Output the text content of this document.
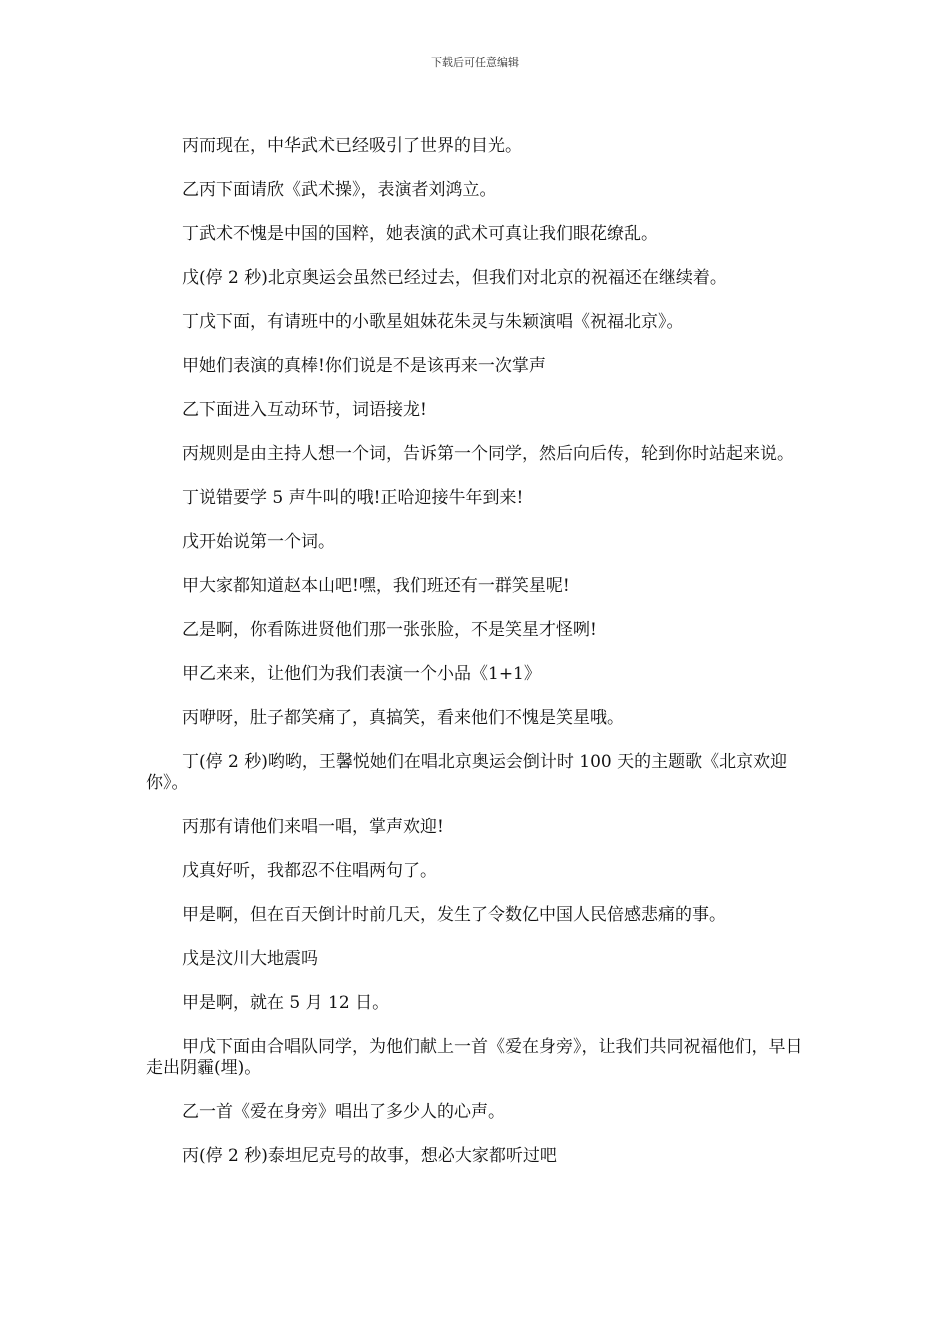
下载后可任意编辑

丙而现在，中华武术已经吸引了世界的目光。

乙丙下面请欣《武术操》，表演者刘鸿立。

丁武术不愧是中国的国粹，她表演的武术可真让我们眼花缭乱。

戊(停 2 秒)北京奥运会虽然已经过去，但我们对北京的祝福还在继续着。

丁戊下面，有请班中的小歌星姐妹花朱灵与朱颖演唱《祝福北京》。

甲她们表演的真棒!你们说是不是该再来一次掌声

乙下面进入互动环节，词语接龙!

丙规则是由主持人想一个词，告诉第一个同学，然后向后传，轮到你时站起来说。

丁说错要学 5 声牛叫的哦!正哈迎接牛年到来!

戊开始说第一个词。

甲大家都知道赵本山吧!嘿，我们班还有一群笑星呢!

乙是啊，你看陈进贤他们那一张张脸，不是笑星才怪咧!

甲乙来来，让他们为我们表演一个小品《1+1》

丙咿呀，肚子都笑痛了，真搞笑，看来他们不愧是笑星哦。

丁(停 2 秒)哟哟，王馨悦她们在唱北京奥运会倒计时 100 天的主题歌《北京欢迎你》。

丙那有请他们来唱一唱，掌声欢迎!

戊真好听，我都忍不住唱两句了。

甲是啊，但在百天倒计时前几天，发生了令数亿中国人民倍感悲痛的事。

戊是汶川大地震吗

甲是啊，就在 5 月 12 日。

甲戊下面由合唱队同学，为他们献上一首《爱在身旁》，让我们共同祝福他们，早日走出阴霾(埋)。

乙一首《爱在身旁》唱出了多少人的心声。

丙(停 2 秒)泰坦尼克号的故事，想必大家都听过吧
